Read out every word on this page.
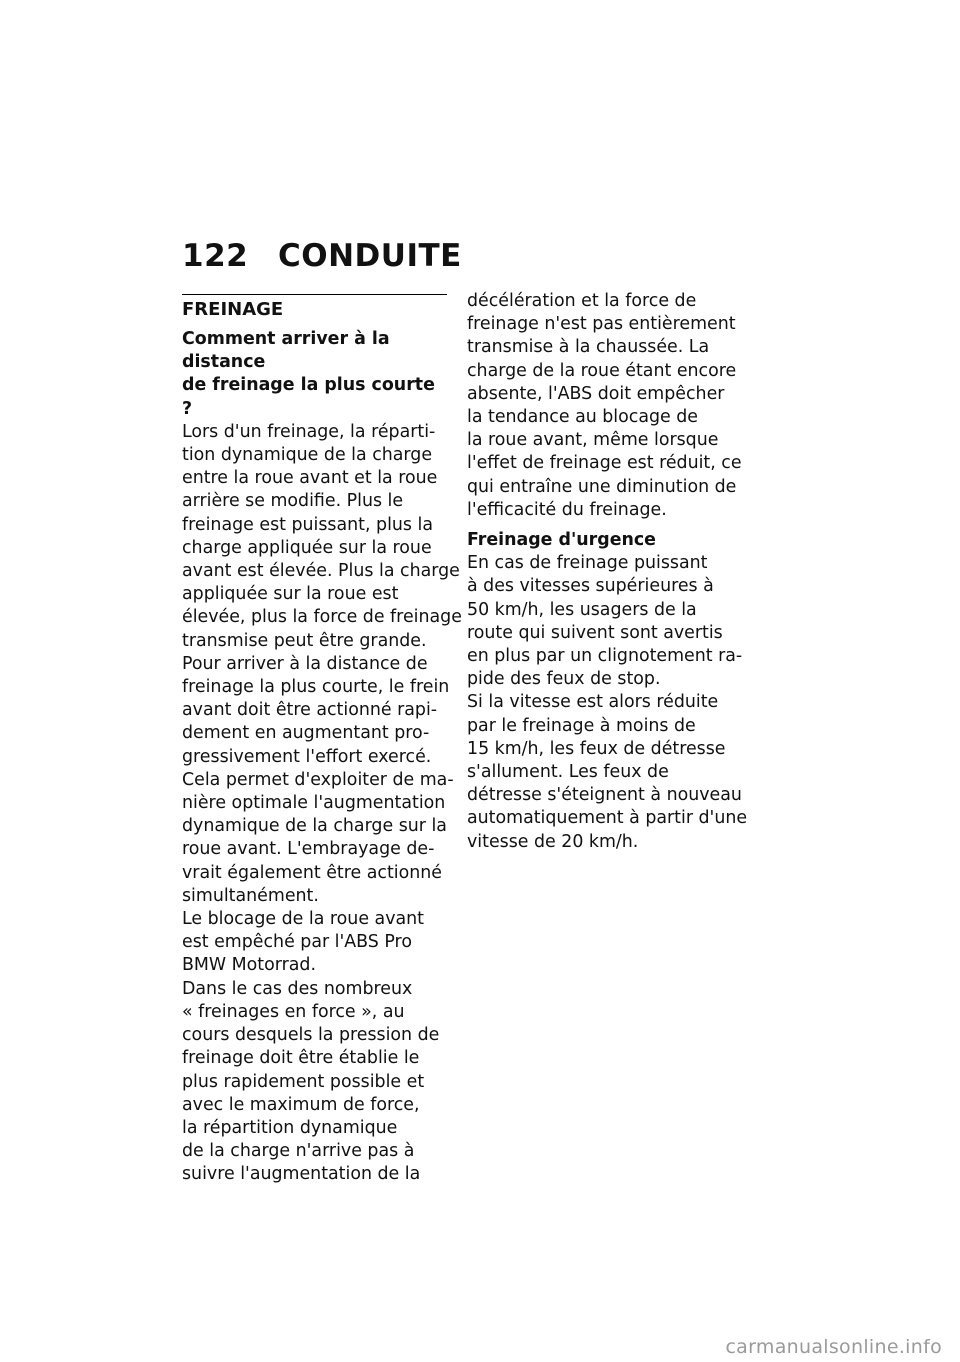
122 CONDUITE
FREINAGE
Comment arriver à la distance
de freinage la plus courte ?
Lors d'un freinage, la réparti-
tion dynamique de la charge
entre la roue avant et la roue
arrière se modifie. Plus le
freinage est puissant, plus la
charge appliquée sur la roue
avant est élevée. Plus la charge
appliquée sur la roue est
élevée, plus la force de freinage
transmise peut être grande.
Pour arriver à la distance de
freinage la plus courte, le frein
avant doit être actionné rapi-
dement en augmentant pro-
gressivement l'effort exercé.
Cela permet d'exploiter de ma-
nière optimale l'augmentation
dynamique de la charge sur la
roue avant. L'embrayage de-
vrait également être actionné
simultanément.
Le blocage de la roue avant
est empêché par l'ABS Pro
BMW Motorrad.
Dans le cas des nombreux
« freinages en force », au
cours desquels la pression de
freinage doit être établie le
plus rapidement possible et
avec le maximum de force,
la répartition dynamique
de la charge n'arrive pas à
suivre l'augmentation de la
décélération et la force de
freinage n'est pas entièrement
transmise à la chaussée. La
charge de la roue étant encore
absente, l'ABS doit empêcher
la tendance au blocage de
la roue avant, même lorsque
l'effet de freinage est réduit, ce
qui entraîne une diminution de
l'efficacité du freinage.
Freinage d'urgence
En cas de freinage puissant
à des vitesses supérieures à
50 km/h, les usagers de la
route qui suivent sont avertis
en plus par un clignotement ra-
pide des feux de stop.
Si la vitesse est alors réduite
par le freinage à moins de
15 km/h, les feux de détresse
s'allument. Les feux de
détresse s'éteignent à nouveau
automatiquement à partir d'une
vitesse de 20 km/h.
carmanualsonline.info
